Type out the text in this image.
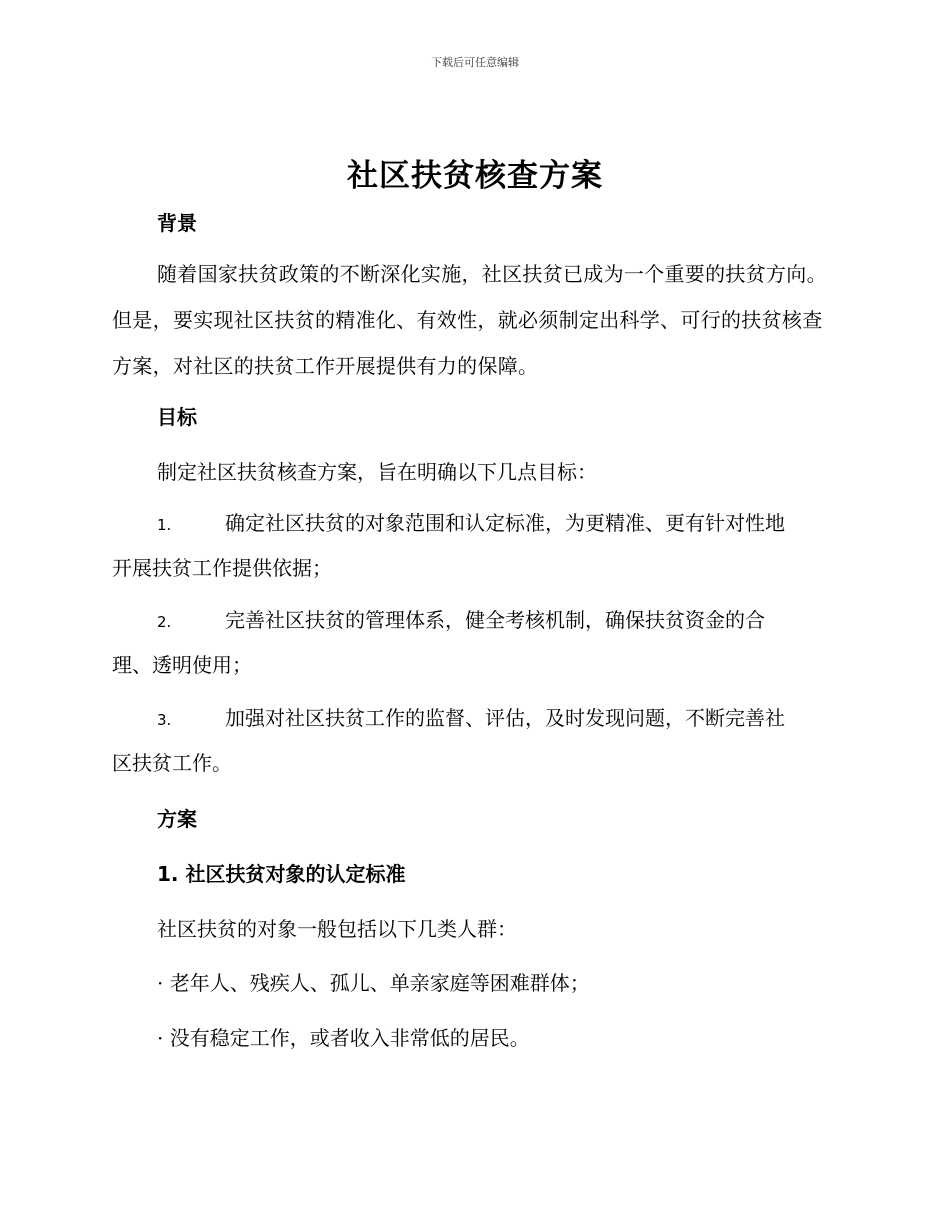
下载后可任意编辑
社区扶贫核查方案
背景
随着国家扶贫政策的不断深化实施，社区扶贫已成为一个重要的扶贫方向。但是，要实现社区扶贫的精准化、有效性，就必须制定出科学、可行的扶贫核查方案，对社区的扶贫工作开展提供有力的保障。
目标
制定社区扶贫核查方案，旨在明确以下几点目标：
1.	确定社区扶贫的对象范围和认定标准，为更精准、更有针对性地
开展扶贫工作提供依据；
2.	完善社区扶贫的管理体系，健全考核机制，确保扶贫资金的合
理、透明使用；
3.	加强对社区扶贫工作的监督、评估，及时发现问题，不断完善社
区扶贫工作。
方案
1. 社区扶贫对象的认定标准
社区扶贫的对象一般包括以下几类人群：
· 老年人、残疾人、孤儿、单亲家庭等困难群体；
· 没有稳定工作，或者收入非常低的居民。
